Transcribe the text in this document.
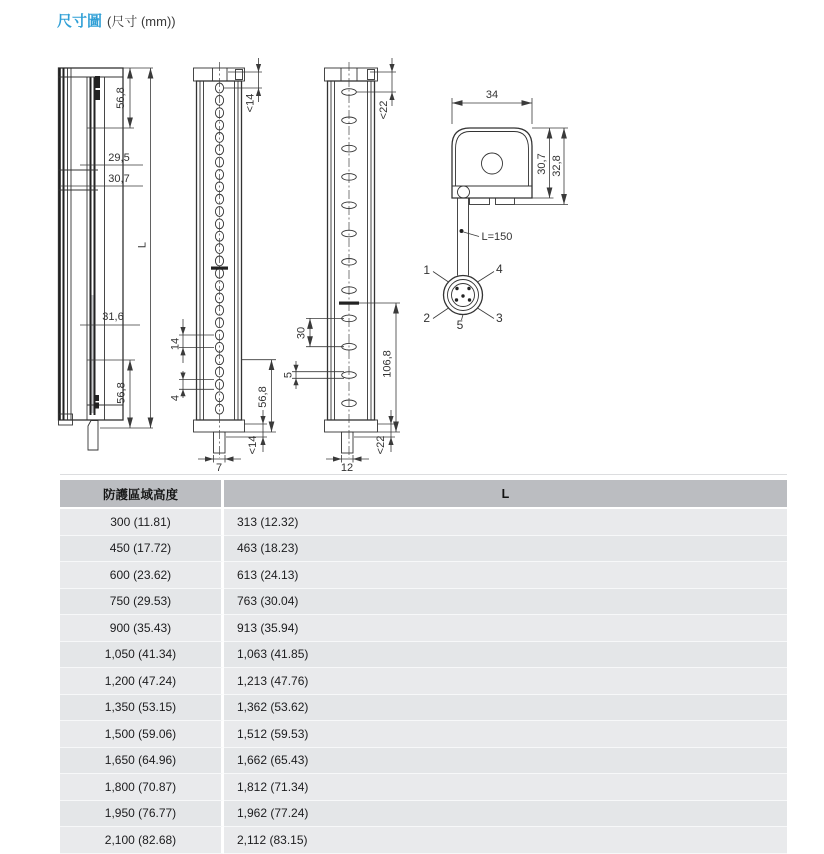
尺寸圖 (尺寸 (mm))
56,8
29,5
30,7
31,6
56,8
L
<14
14
4	56,8
<14
7
<22
30
5	106,8
<22
12
34
30,7 32,8
L=150
1	4
2	3
5
防護區域高度	L
300 (11.81)	313 (12.32)
450 (17.72)	463 (18.23)
600 (23.62)	613 (24.13)
750 (29.53)	763 (30.04)
900 (35.43)	913 (35.94)
1,050 (41.34)	1,063 (41.85)
1,200 (47.24)	1,213 (47.76)
1,350 (53.15)	1,362 (53.62)
1,500 (59.06)	1,512 (59.53)
1,650 (64.96)	1,662 (65.43)
1,800 (70.87)	1,812 (71.34)
1,950 (76.77)	1,962 (77.24)
2,100 (82.68)	2,112 (83.15)
